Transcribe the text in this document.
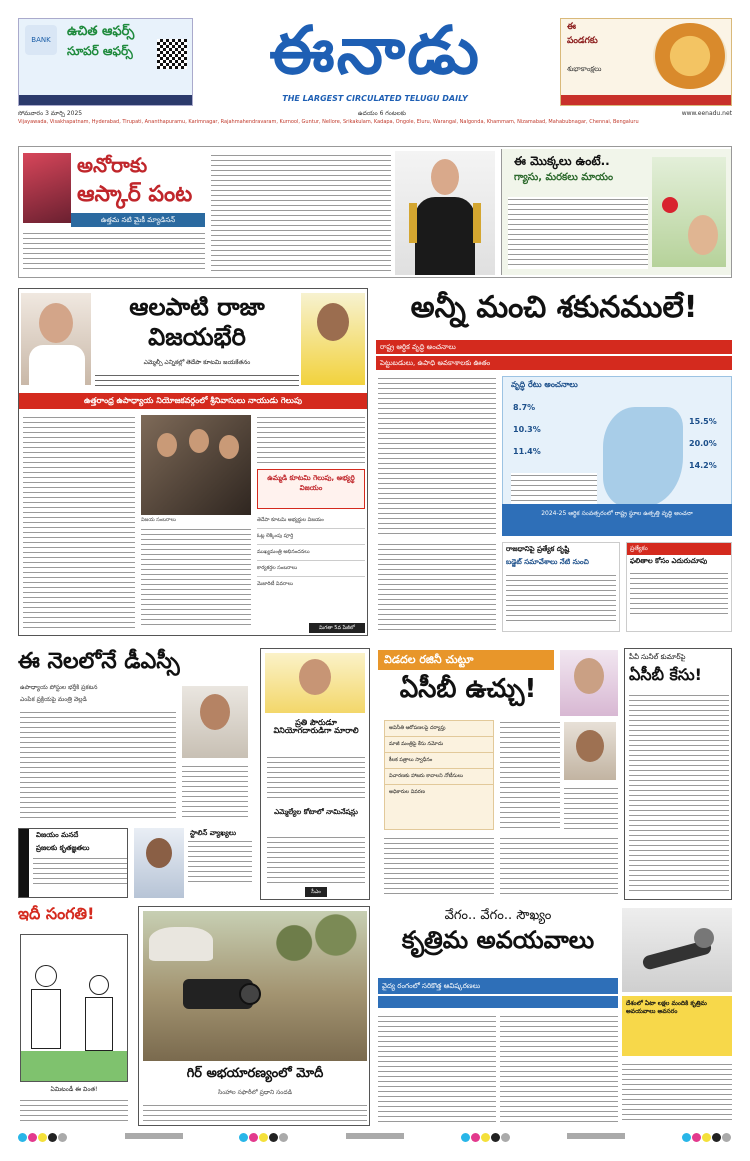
BANK
ఉచిత ఆఫర్స్
సూపర్ ఆఫర్స్	ఈనాడు
THE LARGEST CIRCULATED TELUGU DAILY
ఈ
పండగకు
శుభాకాంక్షలు
సోమవారం 3 మార్చి 2025	ఉదయం 6 గంటలకు	www.eenadu.net
Vijayawada, Visakhapatnam, Hyderabad, Tirupati, Ananthapuramu, Karimnagar, Rajahmahendravaram, Kurnool, Guntur, Nellore, Srikakulam, Kadapa, Ongole, Eluru, Warangal, Nalgonda, Khammam, Nizamabad, Mahabubnagar, Chennai, Bengaluru
అనోరాకు
ఆస్కార్ పంట
ఉత్తమ నటి మైకీ మ్యాడిసన్
ఈ మొక్కలు ఉంటే..
గ్యాసు, మరకలు మాయం
ఆలపాటి రాజా
విజయభేరి
ఎమ్మెల్సీ ఎన్నికల్లో తెదేపా కూటమి జయకేతనం
ఉత్తరాంధ్ర ఉపాధ్యాయ నియోజకవర్గంలో శ్రీనివాసులు నాయుడు గెలుపు
విజయ సంబరాలు
ఉమ్మడి కూటమి గెలుపు, అభ్యర్థి విజయం
తెదేపా కూటమి అభ్యర్థుల విజయం
ఓట్ల లెక్కింపు పూర్తి
ముఖ్యమంత్రి అభినందనలు
కార్యకర్తల సంబరాలు
మెజారిటీ వివరాలు
మిగతా 5వ పేజీలో
అన్నీ మంచి శకునములే!
రాష్ట్ర ఆర్థిక వృద్ధి అంచనాలు
పెట్టుబడులు, ఉపాధి అవకాశాలకు ఊతం
వృద్ధి రేటు అంచనాలు
8.7%
10.3%
11.4%
15.5%
20.0%
14.2%
2024-25 ఆర్థిక సంవత్సరంలో రాష్ట్ర స్థూల ఉత్పత్తి వృద్ధి అంచనా
రాజధానిపై ప్రత్యేక దృష్టి
బడ్జెట్ సమావేశాలు నేటి నుంచి
ప్రత్యేకం
ఫలితాల కోసం ఎదురుచూపు
ఈ నెలలోనే డీఎస్సీ
ఉపాధ్యాయ పోస్టుల భర్తీకి ప్రకటన
ఎంపిక ప్రక్రియపై మంత్రి వెల్లడి
విజయం మనదే
ప్రజలకు కృతజ్ఞతలు
స్టాలిన్ వ్యాఖ్యలు
ప్రతి పౌరుడూ వినియోగదారుడిగా మారాలి
ఎమ్మెల్యేల కోటాలో నామినేషన్లు
సీఎం
విడదల రజినీ చుట్టూ
ఏసీబీ ఉచ్చు!
అవినీతి ఆరోపణలపై దర్యాప్తు
మాజీ మంత్రిపై కేసు నమోదు
కీలక పత్రాలు స్వాధీనం
విచారణకు హాజరు కావాలని నోటీసులు
అధికారుల వివరణ
పీవీ సునీల్ కుమార్‌పై
ఏసీబీ కేసు!
ఇదీ సంగతి!
ఏమిటండీ ఈ వింత!
గిర్ అభయారణ్యంలో మోదీ
సింహాల సఫారీలో ప్రధాని సందడి
వేగం.. వేగం.. సౌఖ్యం
కృత్రిమ అవయవాలు
వైద్య రంగంలో సరికొత్త ఆవిష్కరణలు
దేశంలో ఏటా లక్షల మందికి కృత్రిమ అవయవాలు అవసరం
